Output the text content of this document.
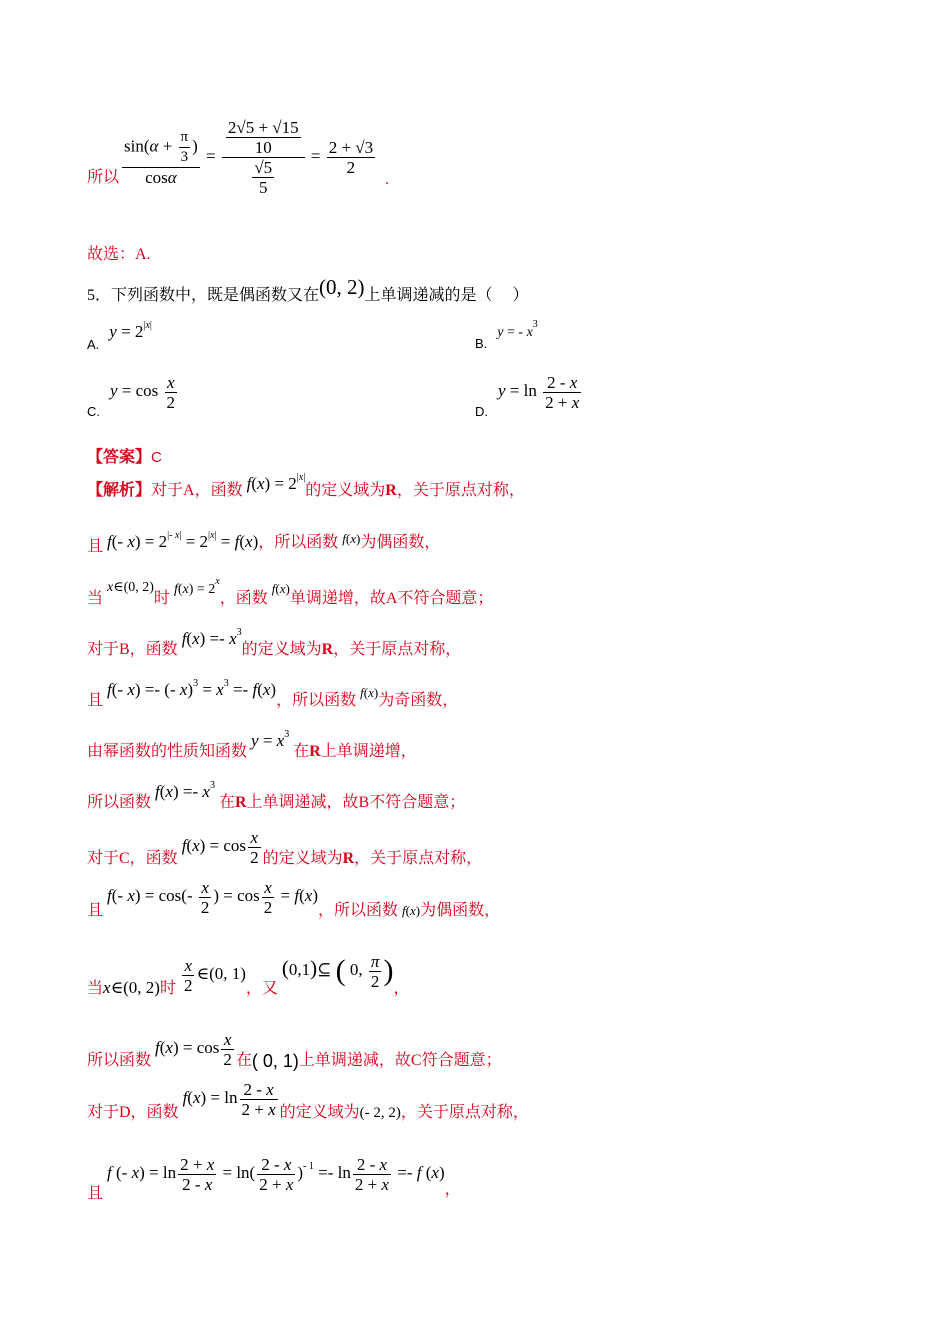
所以 $\frac{\sin(\alpha + \frac{\pi}{3} )}{\cos\alpha} = \frac{\frac{2√5 + √15}{10}}{\frac{√5}{5}} = \frac{2 + √3}{2}$
.
故选：A.
5．下列函数中，既是偶函数又在(0, 2)上单调递减的是（　 ）
$_{A.}$ $y = 2^{|x|}$
$_{B.}$ y = - $x^3$
$_{C.}$ $y = \cos \frac{x}{2}$	$_{D.}$ $y = \ln \frac{2 - x}{2 + x}$
【答案】C
【解析】对于A，函数 $f(x) = 2^{|x|}$的定义域为R，关于原点对称，
且 f(- $x) = 2^{|- x|} = 2^{|x|} = f(x)$，所以函数 $^{f(x)}$为偶函数，
当 x∈(0, 2)时 $f(x) = 2^x$，函数 $^{f(x)}$单调递增，故A不符合题意；
对于B，函数 $f(x) =- x^3$的定义域为R，关于原点对称，
且 f(- x) =- (- $x)^3 = x^3 =- f(x)$，所以函数 f(x)为奇函数，
由幂函数的性质知函数 $y = x^3$ 在R上单调递增，
所以函数 $f(x) =- x^3$ 在R上单调递减，故B不符合题意；
对于C，函数 $f(x) = \cos \frac{x}{2}$ 的定义域为R，关于原点对称，
且 f(- $x) = \cos(- \frac{x}{2}$ ) = $\cos \frac{x}{2} = f(x)$，所以函数 $_{f(x)}$为偶函数，
当x∈(0, 2)时 $\frac{x}{2}$ ∈(0, 1)，又 (0,1)⊆ ( 0, $\frac{\pi}{2}$ )，
所以函数 $f(x) = \cos \frac{x}{2}$ 在( 0, 1)上单调递减，故C符合题意；
对于D，函数 $f(x) = \ln \frac{2 - x}{2 + x}$ 的定义域为(- 2, 2)，关于原点对称，
且 f (- $x) = \ln \frac{2 + x}{2 - x} = \ln( \frac{2 - x}{2 + x} )^{- 1} =- \ln \frac{2 - x}{2 + x} =- f$ (x)，
